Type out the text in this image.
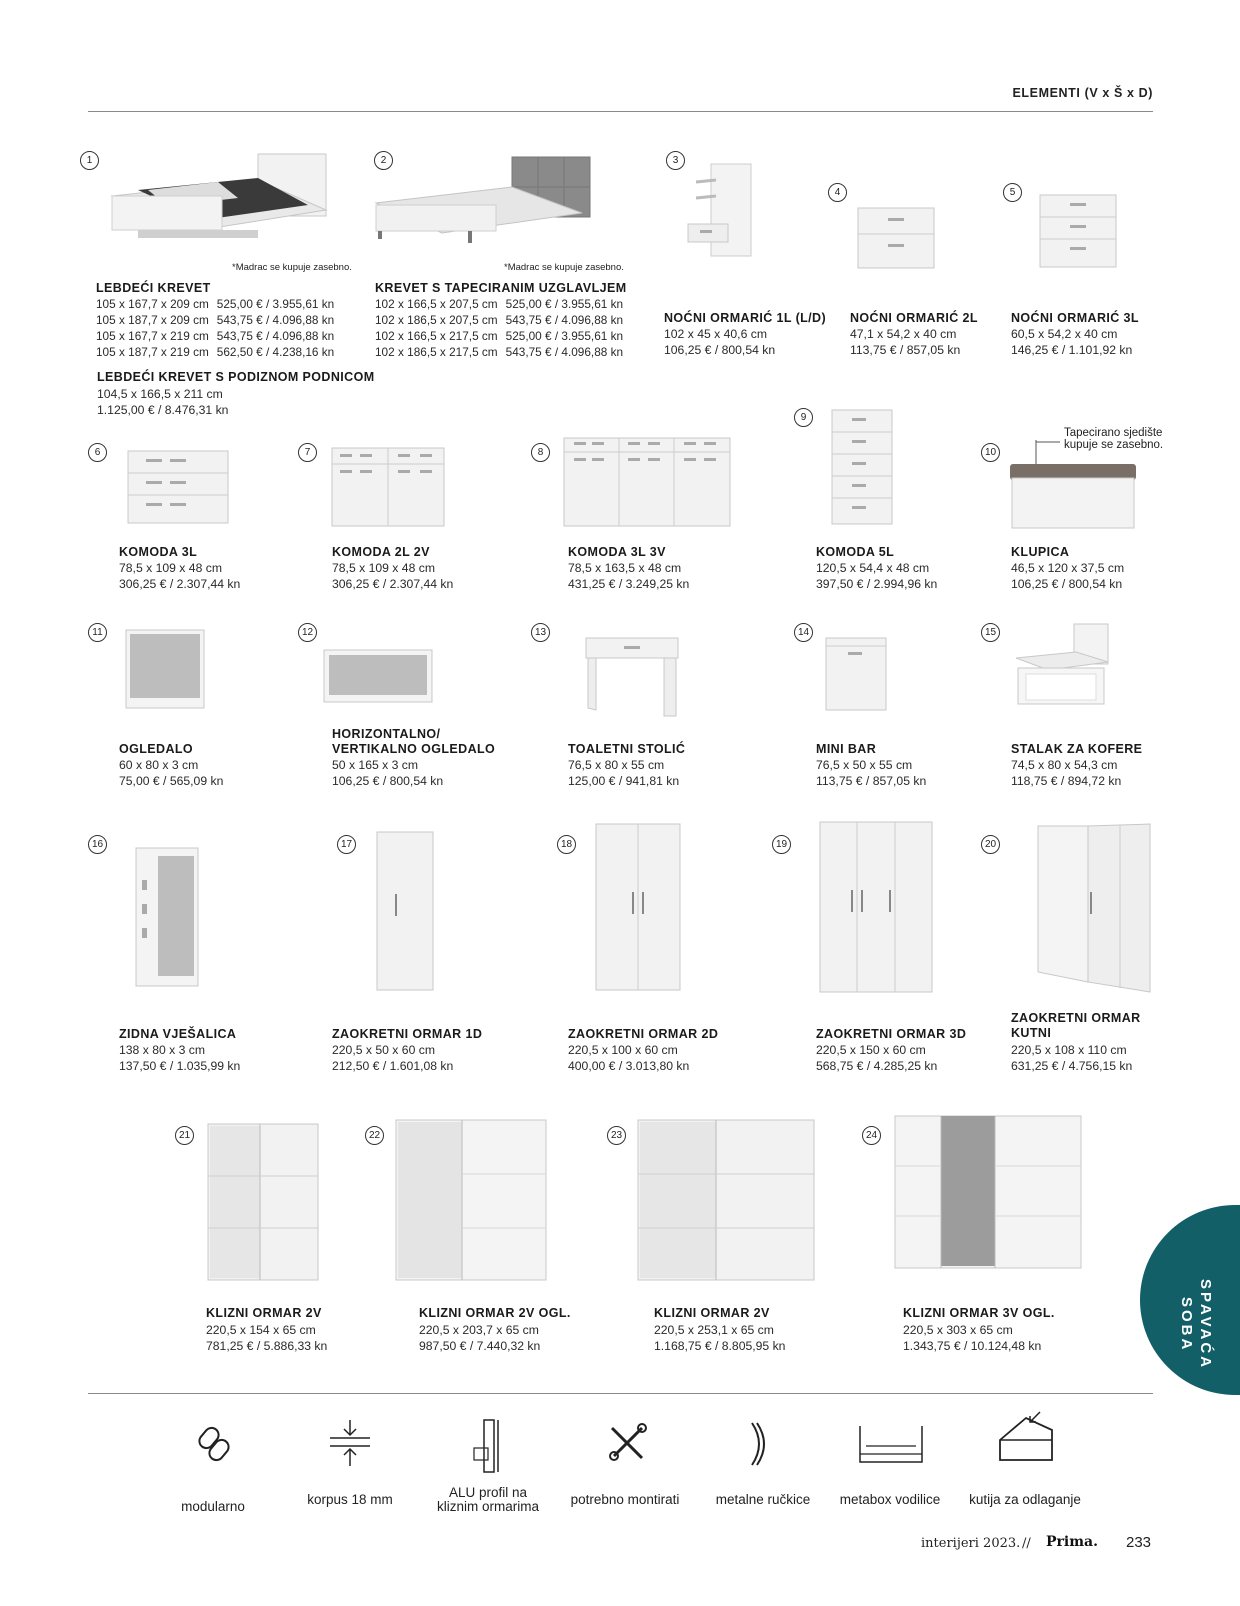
ELEMENTI (V x Š x D)
1
*Madrac se kupuje zasebno.
LEBDEĆI KREVET
105 x 167,7 x 209 cm	525,00 € / 3.955,61 kn
105 x 187,7 x 209 cm	543,75 € / 4.096,88 kn
105 x 167,7 x 219 cm	543,75 € / 4.096,88 kn
105 x 187,7 x 219 cm	562,50 € / 4.238,16 kn
2
*Madrac se kupuje zasebno.
KREVET S TAPECIRANIM UZGLAVLJEM
102 x 166,5 x 207,5 cm	525,00 € / 3.955,61 kn
102 x 186,5 x 207,5 cm	543,75 € / 4.096,88 kn
102 x 166,5 x 217,5 cm	525,00 € / 3.955,61 kn
102 x 186,5 x 217,5 cm	543,75 € / 4.096,88 kn
3
NOĆNI ORMARIĆ 1L (L/D)
102 x 45 x 40,6 cm
106,25 € / 800,54 kn
4
NOĆNI ORMARIĆ 2L
47,1 x 54,2 x 40 cm
113,75 € / 857,05 kn
5
NOĆNI ORMARIĆ 3L
60,5 x 54,2 x 40 cm
146,25 € / 1.101,92 kn
LEBDEĆI KREVET S PODIZNOM PODNICOM
104,5 x 166,5 x 211 cm
1.125,00 € / 8.476,31 kn
6
KOMODA 3L
78,5 x 109 x 48 cm
306,25 € / 2.307,44 kn
7
KOMODA 2L 2V
78,5 x 109 x 48 cm
306,25 € / 2.307,44 kn
8
KOMODA 3L 3V
78,5 x 163,5 x 48 cm
431,25 € / 3.249,25 kn
9
KOMODA 5L
120,5 x 54,4 x 48 cm
397,50 € / 2.994,96 kn
10
Tapecirano sjedište kupuje se zasebno.
KLUPICA
46,5 x 120 x 37,5 cm
106,25 € / 800,54 kn
11
OGLEDALO
60 x 80 x 3 cm
75,00 € / 565,09 kn
12
HORIZONTALNO/ VERTIKALNO OGLEDALO
50 x 165 x 3 cm
106,25 € / 800,54 kn
13
TOALETNI STOLIĆ
76,5 x 80 x 55 cm
125,00 € / 941,81 kn
14
MINI BAR
76,5 x 50 x 55 cm
113,75 € / 857,05 kn
15
STALAK ZA KOFERE
74,5 x 80 x 54,3 cm
118,75 € / 894,72 kn
16
ZIDNA VJEŠALICA
138 x 80 x 3 cm
137,50 € / 1.035,99 kn
17
ZAOKRETNI ORMAR 1D
220,5 x 50 x 60 cm
212,50 € / 1.601,08 kn
18
ZAOKRETNI ORMAR 2D
220,5 x 100 x 60 cm
400,00 € / 3.013,80 kn
19
ZAOKRETNI ORMAR 3D
220,5 x 150 x 60 cm
568,75 € / 4.285,25 kn
20
ZAOKRETNI ORMAR KUTNI
220,5 x 108 x 110 cm
631,25 € / 4.756,15 kn
21
KLIZNI ORMAR 2V
220,5 x 154 x 65 cm
781,25 € / 5.886,33 kn
22
KLIZNI ORMAR 2V OGL.
220,5 x 203,7 x 65 cm
987,50 € / 7.440,32 kn
23
KLIZNI ORMAR 2V
220,5 x 253,1 x 65 cm
1.168,75 € / 8.805,95 kn
24
KLIZNI ORMAR 3V OGL.
220,5 x 303 x 65 cm
1.343,75 € / 10.124,48 kn	SPAVAĆA SOBA
modularno	korpus 18 mm	ALU profil na kliznim ormarima	potrebno montirati	metalne ručkice	metabox vodilice	kutija za odlaganje
interijeri 2023. // Prima. 233
